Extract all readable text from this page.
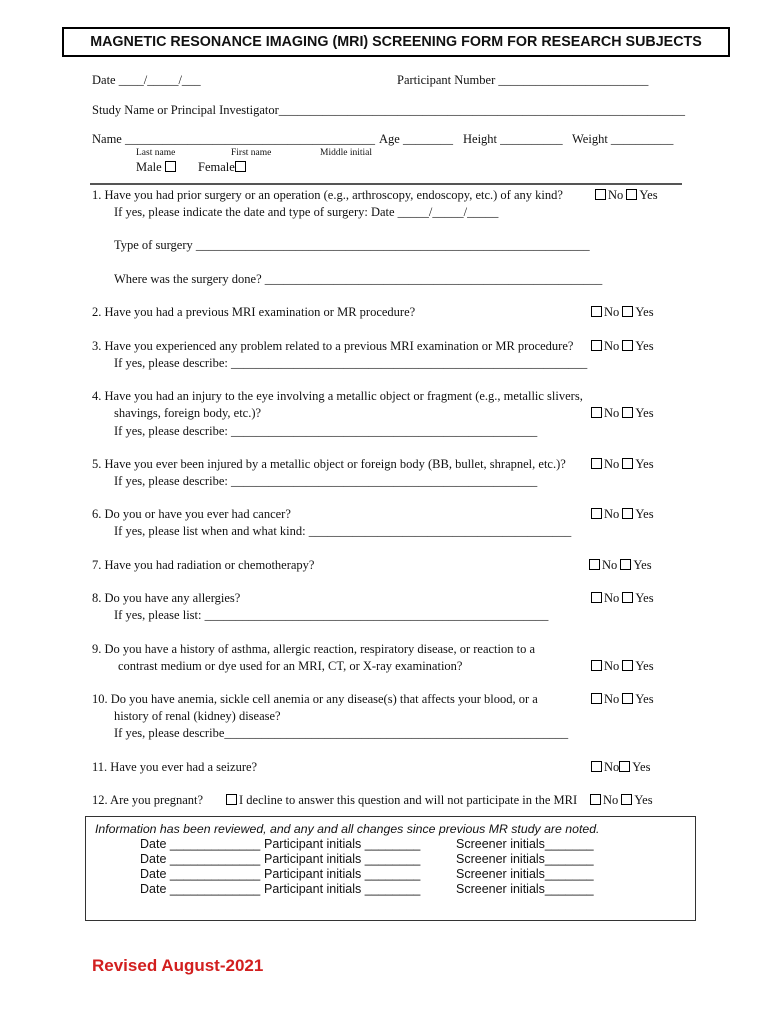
MAGNETIC RESONANCE IMAGING (MRI) SCREENING FORM FOR RESEARCH SUBJECTS
Date ____/_____/___	Participant Number ________________________
Study Name or Principal Investigator_________________________________________________________________
Name ________________________________________ Age ________ Height __________ Weight __________
Last name	First name	Middle initial
Male	Female
1. Have you had prior surgery or an operation (e.g., arthroscopy, endoscopy, etc.) of any kind?
If yes, please indicate the date and type of surgery: Date _____/_____/_____
Type of surgery _______________________________________________________________
Where was the surgery done? ______________________________________________________
No Yes
2. Have you had a previous MRI examination or MR procedure?	No Yes
3. Have you experienced any problem related to a previous MRI examination or MR procedure?
If yes, please describe: _________________________________________________________
No Yes
4. Have you had an injury to the eye involving a metallic object or fragment (e.g., metallic slivers,
shavings, foreign body, etc.)?
If yes, please describe: _________________________________________________
No Yes
5. Have you ever been injured by a metallic object or foreign body (BB, bullet, shrapnel, etc.)?
If yes, please describe: _________________________________________________
No Yes
6. Do you or have you ever had cancer?
If yes, please list when and what kind: __________________________________________
No Yes
7. Have you had radiation or chemotherapy?	No Yes
8. Do you have any allergies?
If yes, please list: _______________________________________________________
No Yes
9. Do you have a history of asthma, allergic reaction, respiratory disease, or reaction to a
contrast medium or dye used for an MRI, CT, or X-ray examination?	No Yes
10. Do you have anemia, sickle cell anemia or any disease(s) that affects your blood, or a
history of renal (kidney) disease?
If yes, please describe_______________________________________________________
No Yes
11. Have you ever had a seizure?	No Yes
12. Are you pregnant?	I decline to answer this question and will not participate in the MRI	No Yes
Information has been reviewed, and any and all changes since previous MR study are noted.
Date _____________ Participant initials ________	Screener initials_______
Date _____________ Participant initials ________	Screener initials_______
Date _____________ Participant initials ________	Screener initials_______
Date _____________ Participant initials ________	Screener initials_______
Revised August-2021
